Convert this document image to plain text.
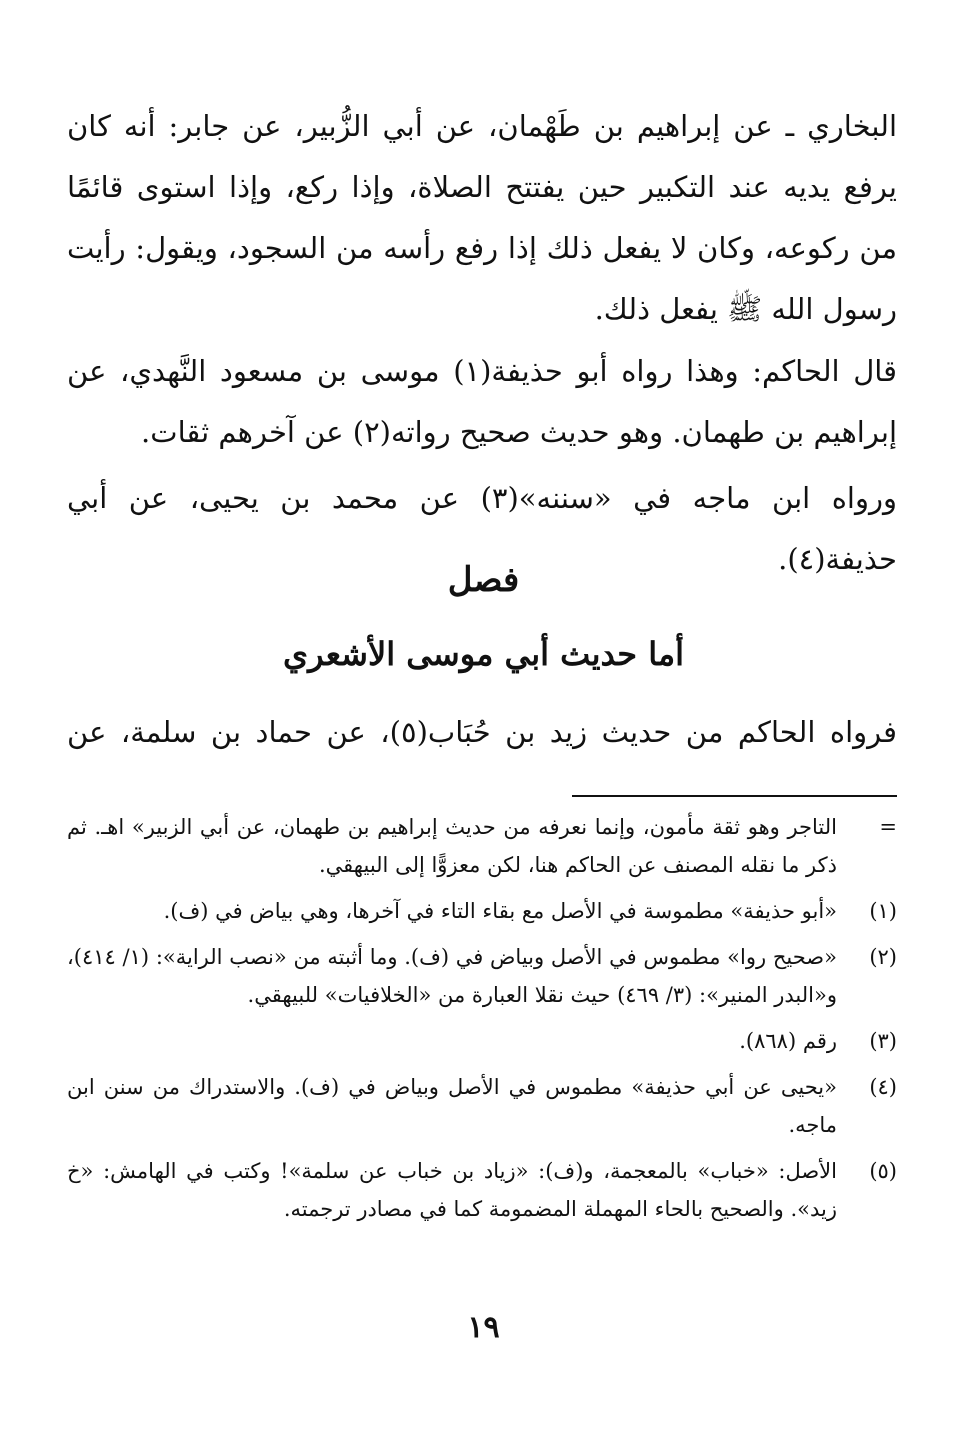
البخاري ـ عن إبراهيم بن طَهْمان، عن أبي الزُّبير، عن جابر: أنه كان يرفع يديه عند التكبير حين يفتتح الصلاة، وإذا ركع، وإذا استوى قائمًا من ركوعه، وكان لا يفعل ذلك إذا رفع رأسه من السجود، ويقول: رأيت رسول الله ﷺ يفعل ذلك.

قال الحاكم: وهذا رواه أبو حذيفة(١) موسى بن مسعود النَّهدي، عن إبراهيم بن طهمان. وهو حديث صحيح رواته(٢) عن آخرهم ثقات.

ورواه ابن ماجه في «سننه»(٣) عن محمد بن يحيى، عن أبي حذيفة(٤).

فصل
أما حديث أبي موسى الأشعري

فرواه الحاكم من حديث زيد بن حُبَاب(٥)، عن حماد بن سلمة، عن

=
التاجر وهو ثقة مأمون، وإنما نعرفه من حديث إبراهيم بن طهمان، عن أبي الزبير» اهـ. ثم ذكر ما نقله المصنف عن الحاكم هنا، لكن معزوًّا إلى البيهقي.
(١)
«أبو حذيفة» مطموسة في الأصل مع بقاء التاء في آخرها، وهي بياض في (ف).
(٢)
«صحيح روا» مطموس في الأصل وبياض في (ف). وما أثبته من «نصب الراية»: (١/ ٤١٤)، و«البدر المنير»: (٣/ ٤٦٩) حيث نقلا العبارة من «الخلافيات» للبيهقي.
(٣)
رقم (٨٦٨).
(٤)
«يحيى عن أبي حذيفة» مطموس في الأصل وبياض في (ف). والاستدراك من سنن ابن ماجه.
(٥)
الأصل: «خباب» بالمعجمة، و(ف): «زياد بن خباب عن سلمة»! وكتب في الهامش: «خ زيد». والصحيح بالحاء المهملة المضمومة كما في مصادر ترجمته.
١٩
